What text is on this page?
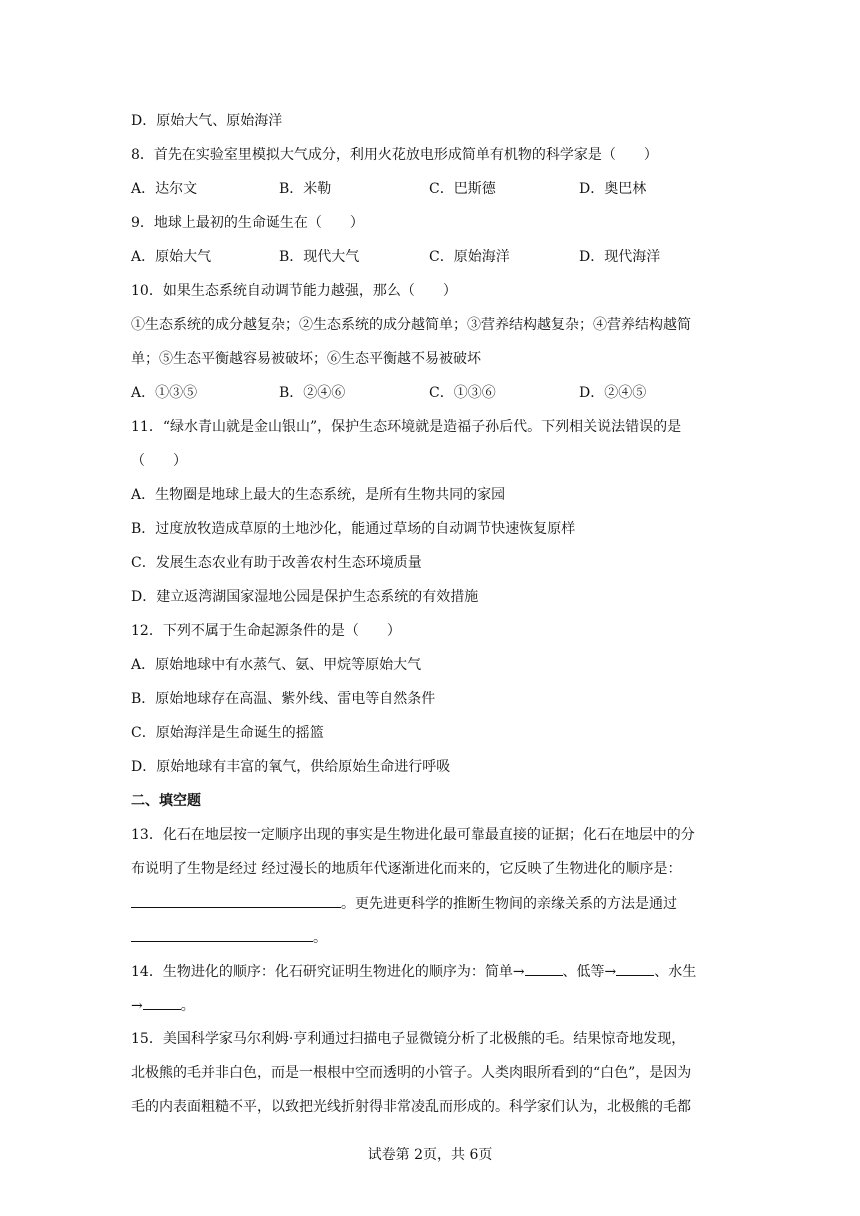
D．原始大气、原始海洋
8．首先在实验室里模拟大气成分，利用火花放电形成简单有机物的科学家是（　　）
A．达尔文	B．米勒	C．巴斯德	D．奥巴林
9．地球上最初的生命诞生在（　　）
A．原始大气	B．现代大气	C．原始海洋	D．现代海洋
10．如果生态系统自动调节能力越强，那么（　　）
①生态系统的成分越复杂；②生态系统的成分越简单；③营养结构越复杂；④营养结构越简
单；⑤生态平衡越容易被破坏；⑥生态平衡越不易被破坏
A．①③⑤	B．②④⑥	C．①③⑥	D．②④⑤
11．“绿水青山就是金山银山”，保护生态环境就是造福子孙后代。下列相关说法错误的是
（　　）
A．生物圈是地球上最大的生态系统，是所有生物共同的家园
B．过度放牧造成草原的土地沙化，能通过草场的自动调节快速恢复原样
C．发展生态农业有助于改善农村生态环境质量
D．建立返湾湖国家湿地公园是保护生态系统的有效措施
12．下列不属于生命起源条件的是（　　）
A．原始地球中有水蒸气、氨、甲烷等原始大气
B．原始地球存在高温、紫外线、雷电等自然条件
C．原始海洋是生命诞生的摇篮
D．原始地球有丰富的氧气，供给原始生命进行呼吸
二、填空题
13．化石在地层按一定顺序出现的事实是生物进化最可靠最直接的证据；化石在地层中的分
布说明了生物是经过 经过漫长的地质年代逐渐进化而来的，它反映了生物进化的顺序是：
。更先进更科学的推断生物间的亲缘关系的方法是通过
。
14．生物进化的顺序：化石研究证明生物进化的顺序为：简单→	、低等→	、水生
→	。
15．美国科学家马尔利姆·亨利通过扫描电子显微镜分析了北极熊的毛。结果惊奇地发现，
北极熊的毛并非白色，而是一根根中空而透明的小管子。人类肉眼所看到的“白色”，是因为
毛的内表面粗糙不平，以致把光线折射得非常凌乱而形成的。科学家们认为，北极熊的毛都
试卷第 2页，共 6页
